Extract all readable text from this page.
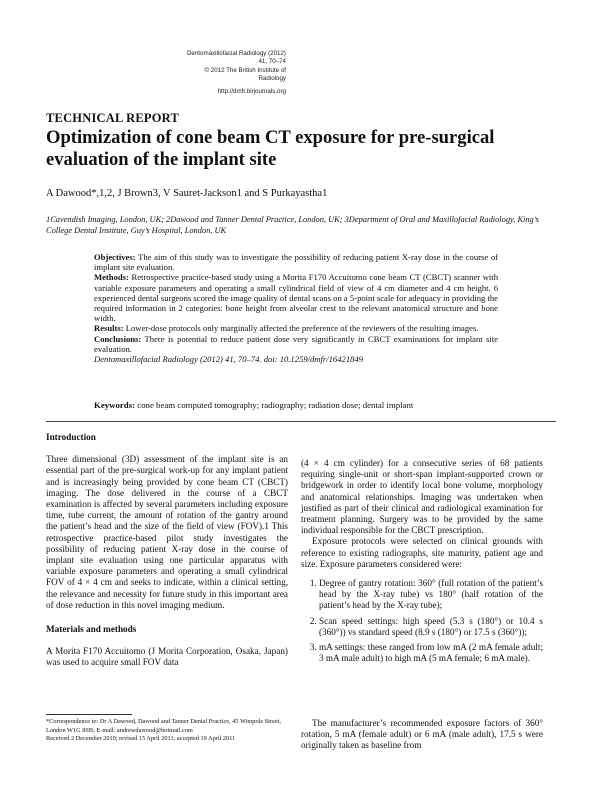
Dentomaxillofacial Radiology (2012) 41, 70–74
© 2012 The British Institute of Radiology
http://dmfr.birjournals.org
TECHNICAL REPORT
Optimization of cone beam CT exposure for pre-surgical evaluation of the implant site
A Dawood*,1,2, J Brown3, V Sauret-Jackson1 and S Purkayastha1
1Cavendish Imaging, London, UK; 2Dawood and Tanner Dental Practice, London, UK; 3Department of Oral and Maxillofacial Radiology, King’s College Dental Institute, Guy’s Hospital, London, UK

Objectives: The aim of this study was to investigate the possibility of reducing patient X-ray dose in the course of implant site evaluation.

Methods: Retrospective practice-based study using a Morita F170 Accuitomo cone beam CT (CBCT) scanner with variable exposure parameters and operating a small cylindrical field of view of 4 cm diameter and 4 cm height. 6 experienced dental surgeons scored the image quality of dental scans on a 5-point scale for adequacy in providing the required information in 2 categories: bone height from alveolar crest to the relevant anatomical structure and bone width.

Results: Lower-dose protocols only marginally affected the preference of the reviewers of the resulting images.

Conclusions: There is potential to reduce patient dose very significantly in CBCT examinations for implant site evaluation.

Dentomaxillofacial Radiology (2012) 41, 70–74. doi: 10.1259/dmfr/16421849

Keywords: cone beam computed tomography; radiography; radiation dose; dental implant

Introduction

Three dimensional (3D) assessment of the implant site is an essential part of the pre-surgical work-up for any implant patient and is increasingly being provided by cone beam CT (CBCT) imaging. The dose delivered in the course of a CBCT examination is affected by several parameters including exposure time, tube current, the amount of rotation of the gantry around the patient’s head and the size of the field of view (FOV).1 This retrospective practice-based pilot study investigates the possibility of reducing patient X-ray dose in the course of implant site evaluation using one particular apparatus with variable exposure parameters and operating a small cylindrical FOV of 4 × 4 cm and seeks to indicate, within a clinical setting, the relevance and necessity for future study in this important area of dose reduction in this novel imaging medium.

Materials and methods

A Morita F170 Accuitomo (J Morita Corporation, Osaka, Japan) was used to acquire small FOV data

(4 × 4 cm cylinder) for a consecutive series of 68 patients requiring single-unit or short-span implant-supported crown or bridgework in order to identify local bone volume, morphology and anatomical relationships. Imaging was undertaken when justified as part of their clinical and radiological examination for treatment planning. Surgery was to be provided by the same individual responsible for the CBCT prescription.

Exposure protocols were selected on clinical grounds with reference to existing radiographs, site maturity, patient age and size. Exposure parameters considered were:

1. Degree of gantry rotation: 360° (full rotation of the patient’s head by the X-ray tube) vs 180° (half rotation of the patient’s head by the X-ray tube);
2. Scan speed settings: high speed (5.3 s (180°) or 10.4 s (360°)) vs standard speed (8.9 s (180°) or 17.5 s (360°));
3. mA settings: these ranged from low mA (2 mA female adult; 3 mA male adult) to high mA (5 mA female; 6 mA male).
*Correspondence to: Dr A Dawood, Dawood and Tanner Dental Practice, 45 Wimpole Street, London W1G 8SB; E-mail: andrewdawood@hotmail.com
Received 2 December 2010; revised 15 April 2011; accepted 19 April 2011
The manufacturer’s recommended exposure factors of 360° rotation, 5 mA (female adult) or 6 mA (male adult), 17.5 s were originally taken as baseline from
